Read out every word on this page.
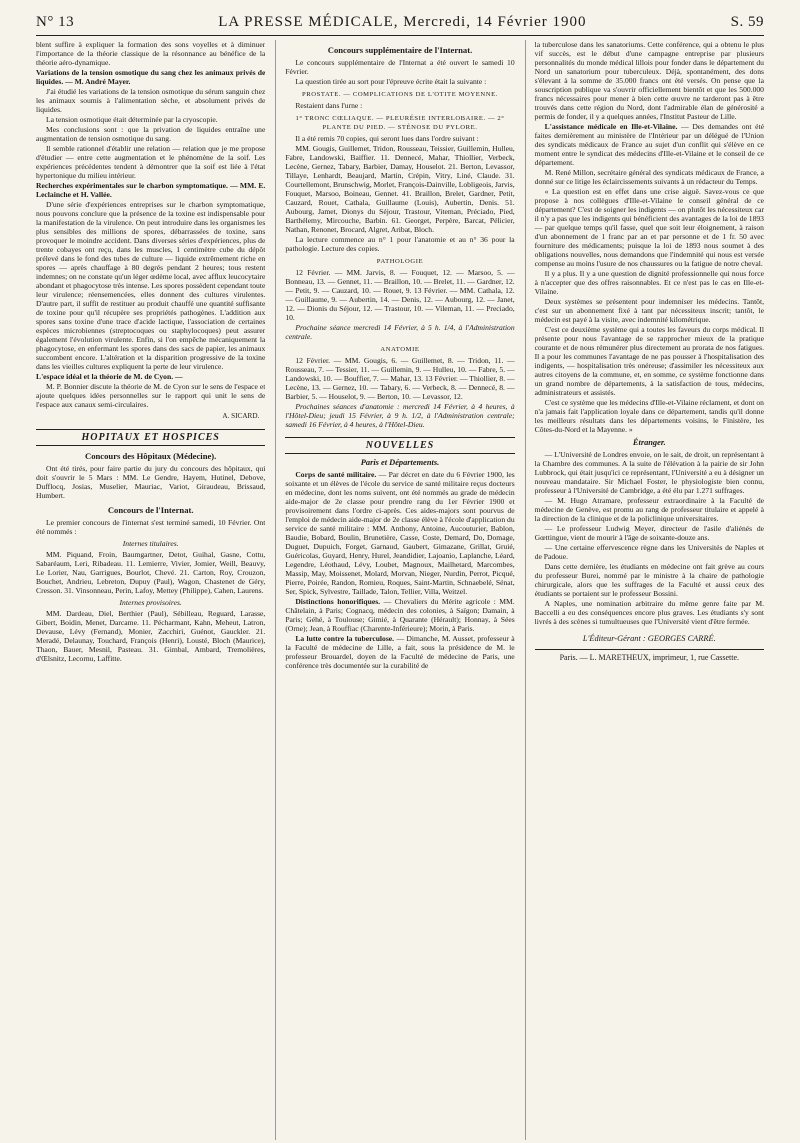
N° 13	LA PRESSE MÉDICALE, Mercredi, 14 Février 1900	S. 59

blent suffire à expliquer la formation des sons voyelles et à diminuer l'importance de la théorie classique de la résonnance au bénéfice de la théorie aéro-dynamique.

Variations de la tension osmotique du sang chez les animaux privés de liquides. — M. André Mayer.

J'ai étudié les variations de la tension osmotique du sérum sanguin chez les animaux soumis à l'alimentation sèche, et absolument privés de liquides.

La tension osmotique était déterminée par la cryoscopie.

Mes conclusions sont : que la privation de liquides entraîne une augmentation de tension osmotique du sang.

Il semble rationnel d'établir une relation — relation que je me propose d'étudier — entre cette augmentation et le phénomène de la soif. Les expériences précédentes tendent à démontrer que la soif est liée à l'état hypertonique du milieu intérieur.

Recherches expérimentales sur le charbon symptomatique. — MM. E. Leclainche et H. Vallée.

D'une série d'expériences entreprises sur le charbon symptomatique, nous pouvons conclure que la présence de la toxine est indispensable pour la manifestation de la virulence. On peut introduire dans les organismes les plus sensibles des millions de spores, débarrassées de toxine, sans provoquer le moindre accident. Dans diverses séries d'expériences, plus de trente cobayes ont reçu, dans les muscles, 1 centimètre cube du dépôt prélevé dans le fond des tubes de culture — liquide extrêmement riche en spores — après chauffage à 80 degrés pendant 2 heures; tous restent indemnes; on ne constate qu'un léger œdème local, avec afflux leucocytaire abondant et phagocytose très intense. Les spores possèdent cependant toute leur virulence; réensemencées, elles donnent des cultures virulentes. D'autre part, il suffit de restituer au produit chauffé une quantité suffisante de toxine pour qu'il récupère ses propriétés pathogènes. L'addition aux spores sans toxine d'une trace d'acide lactique, l'association de certaines espèces microbiennes (streptocoques ou staphylocoques) peut assurer également l'évolution virulente. Enfin, si l'on empêche mécaniquement la phagocytose, en enfermant les spores dans des sacs de papier, les animaux succombent encore. L'altération et la disparition progressive de la toxine dans les vieilles cultures expliquent la perte de leur virulence.

L'espace idéal et la théorie de M. de Cyon. —

M. P. Bonnier discute la théorie de M. de Cyon sur le sens de l'espace et ajoute quelques idées personnelles sur le rapport qui unit le sens de l'espace aux canaux semi-circulaires.

A. SICARD.
HOPITAUX ET HOSPICES
Concours des Hôpitaux (Médecine).

Ont été tirés, pour faire partie du jury du concours des hôpitaux, qui doit s'ouvrir le 5 Mars : MM. Le Gendre, Hayem, Hutinel, Debove, Dufflocq, Josias, Muselier, Mauriac, Variot, Giraudeau, Brissaud, Humbert.

Concours de l'Internat.

Le premier concours de l'internat s'est terminé samedi, 10 Février. Ont été nommés :

Internes titulaires.

MM. Piquand, Froin, Baumgartner, Detot, Guihal, Gasne, Cottu, Sabaréaum, Leri, Ribadeau. 11. Lemierre, Vivier, Jomier, Weill, Beauvy, Le Lorier, Nau, Garrigues, Bourlot, Chevé. 21. Carton, Roy, Crouzon, Bouchet, Andrieu, Lebreton, Dupuy (Paul), Wagon, Chastenet de Géry, Cresson. 31. Vinsonneau, Perin, Lafoy, Mettey (Philippe), Cahen, Laurens.

Internes provisoires.

MM. Dardeau, Diel, Berthier (Paul), Sébilleau, Reguard, Larasse, Gibert, Boidin, Menet, Darcame. 11. Pécharmant, Kahn, Meheut, Latron, Devause, Lévy (Fernand), Monier, Zacchiri, Guénot, Gauckler. 21. Meradé, Delaunay, Touchard, François (Henri), Lousté, Bloch (Maurice), Thaon, Bauer, Mesnil, Pasteau. 31. Gimbal, Ambard, Tremolières, d'Œlsnitz, Lecornu, Laffitte.

Concours supplémentaire de l'Internat.

Le concours supplémentaire de l'Internat a été ouvert le samedi 10 Février.

La question tirée au sort pour l'épreuve écrite était la suivante :

PROSTATE. — COMPLICATIONS DE L'OTITE MOYENNE.

Restaient dans l'urne :

1° TRONC CŒLIAQUE. — PLEURÉSIE INTERLOBAIRE. — 2° PLANTE DU PIED. — STÉNOSE DU PYLORE.

Il a été remis 70 copies, qui seront lues dans l'ordre suivant :

MM. Gougis, Guillemet, Tridon, Rousseau, Teissier, Guillemin, Hulleu, Fabre, Landowski, Baiffier. 11. Dennecé, Mahar, Thiollier, Verbeck, Lecène, Gernez, Tabary, Barbier, Damay, Houselot. 21. Berton, Levassor, Tillaye, Lenhardt, Beaujard, Martin, Crépin, Vitry, Liné, Claude. 31. Courtellemont, Brunschwig, Morlet, François-Dainville, Lobligeois, Jarvis, Fouquet, Marsoo, Boineau, Gennet. 41. Braillon, Brelet, Gardner, Petit, Cauzard, Rouet, Cathala, Guillaume (Louis), Aubertin, Denis. 51. Aubourg, Jamet, Dionys du Séjour, Trastour, Viteman, Préciado, Pied, Barthélemy, Mircouche, Barbin. 61. Georget, Perpère, Barcat, Pélicier, Nathan, Renonet, Brocard, Algret, Aribat, Bloch.

La lecture commence au n° 1 pour l'anatomie et au n° 36 pour la pathologie. Lecture des copies.

PATHOLOGIE

12 Février. — MM. Jarvis, 8. — Fouquet, 12. — Marsoo, 5. — Bonneau, 13. — Gennet, 11. — Braillon, 10. — Brelet, 11. — Gardner, 12. — Petit, 9. — Cauzard, 10. — Rouet, 9. 13 Février. — MM. Cathala, 12. — Guillaume, 9. — Aubertin, 14. — Denis, 12. — Aubourg, 12. — Janet, 12. — Dionis du Séjour, 12. — Trastour, 10. — Vileman, 11. — Preciado, 10.

Prochaine séance mercredi 14 Février, à 5 h. 1/4, à l'Administration centrale.

ANATOMIE

12 Février. — MM. Gougis, 6. — Guillemet, 8. — Tridon, 11. — Rousseau, 7. — Tessier, 11. — Guillemin, 9. — Hulleu, 10. — Fabre, 5. — Landowski, 10. — Bouffier, 7. — Mahar, 13. 13 Février. — Thiollier, 8. — Lecène, 13. — Gernez, 10. — Tabary, 6. — Verbeck, 8. — Dennecé, 8. — Barbier, 5. — Houselot, 9. — Berton, 10. — Levassor, 12.

Prochaines séances d'anatomie : mercredi 14 Février, à 4 heures, à l'Hôtel-Dieu; jeudi 15 Février, à 9 h. 1/2, à l'Administration centrale; samedi 16 Février, à 4 heures, à l'Hôtel-Dieu.

NOUVELLES
Paris et Départements.

Corps de santé militaire. — Par décret en date du 6 Février 1900, les soixante et un élèves de l'école du service de santé militaire reçus docteurs en médecine, dont les noms suivent, ont été nommés au grade de médecin aide-major de 2e classe pour prendre rang du 1er Février 1900 et provisoirement dans l'ordre ci-après. Ces aides-majors sont pourvus de l'emploi de médecin aide-major de 2e classe élève à l'école d'application du service de santé militaire : MM. Anthony, Antoine, Aucouturier, Bablon, Baudie, Bobard, Boulin, Brunetière, Casse, Coste, Demard, Do, Domage, Duguet, Dupuich, Forget, Garnaud, Gaubert, Gimazane, Grillat, Gruié, Guéricolas, Guyard, Henry, Hurel, Jeandidier, Lajoanio, Laplanche, Léard, Legendre, Léothaud, Lévy, Loubet, Magnoux, Mailhetard, Marcombes, Massip, May, Moissenet, Molard, Morvan, Nieger, Nurdin, Perrot, Picqué, Pierre, Poirée, Randon, Romieu, Roques, Saint-Martin, Schnaebelé, Sénat, Ser, Spick, Sylvestre, Taillade, Talon, Tellier, Villa, Weitzel.

Distinctions honorifiques. — Chevaliers du Mérite agricole : MM. Châtelain, à Paris; Cognacq, médecin des colonies, à Saïgon; Damain, à Paris; Géhé, à Toulouse; Gimié, à Quarante (Hérault); Honnay, à Sées (Orne); Jean, à Rouffiac (Charente-Inférieure); Morin, à Paris.

La lutte contre la tuberculose. — Dimanche, M. Ausset, professeur à la Faculté de médecine de Lille, a fait, sous la présidence de M. le professeur Brouardel, doyen de la Faculté de médecine de Paris, une conférence très documentée sur la curabilité de

la tuberculose dans les sanatoriums. Cette conférence, qui a obtenu le plus vif succès, est le début d'une campagne entreprise par plusieurs personnalités du monde médical lillois pour fonder dans le département du Nord un sanatorium pour tuberculeux. Déjà, spontanément, des dons s'élevant à la somme de 35.000 francs ont été versés. On pense que la souscription publique va s'ouvrir officiellement bientôt et que les 500.000 francs nécessaires pour mener à bien cette œuvre ne tarderont pas à être trouvés dans cette région du Nord, dont l'admirable élan de générosité a permis de fonder, il y a quelques années, l'Institut Pasteur de Lille.

L'assistance médicale en Ille-et-Vilaine. — Des demandes ont été faites dernièrement au ministère de l'Intérieur par un délégué de l'Union des syndicats médicaux de France au sujet d'un conflit qui s'élève en ce moment entre le syndicat des médecins d'Ille-et-Vilaine et le conseil de ce département.

M. René Millon, secrétaire général des syndicats médicaux de France, a donné sur ce litige les éclaircissements suivants à un rédacteur du Temps.

« La question est en effet dans une crise aiguë. Savez-vous ce que propose à nos collègues d'Ille-et-Vilaine le conseil général de ce département? C'est de soigner les indigents — on plutôt les nécessiteux car il n'y a pas que les indigents qui bénéficient des avantages de la loi de 1893 — par quelque temps qu'il fasse, quel que soit leur éloignement, à raison d'un abonnement de 1 franc par an et par personne et de 1 fr. 50 avec fourniture des médicaments; puisque la loi de 1893 nous soumet à des obligations nouvelles, nous demandons que l'indemnité qui nous est versée compense au moins l'usure de nos chaussures ou la fatigue de notre cheval.

Il y a plus. Il y a une question de dignité professionnelle qui nous force à n'accepter que des offres raisonnables. Et ce n'est pas le cas en Ille-et-Vilaine.

Deux systèmes se présentent pour indemniser les médecins. Tantôt, c'est sur un abonnement fixé à tant par nécessiteux inscrit; tantôt, le médecin est payé à la visite, avec indemnité kilométrique.

C'est ce deuxième système qui a toutes les faveurs du corps médical. Il présente pour nous l'avantage de se rapprocher mieux de la pratique courante et de nous rémunérer plus directement au prorata de nos fatigues. Il a pour les communes l'avantage de ne pas pousser à l'hospitalisation des indigents, — hospitalisation très onéreuse; d'assimiler les nécessiteux aux autres citoyens de la commune, et, en somme, ce système fonctionne dans un grand nombre de départements, à la satisfaction de tous, médecins, administrateurs et assistés.

C'est ce système que les médecins d'Ille-et-Vilaine réclament, et dont on n'a jamais fait l'application loyale dans ce département, tandis qu'il donne les meilleurs résultats dans les départements voisins, le Finistère, les Côtes-du-Nord et la Mayenne. »

Étranger.

— L'Université de Londres envoie, on le sait, de droit, un représentant à la Chambre des communes. A la suite de l'élévation à la pairie de sir John Lubbrock, qui était jusqu'ici ce représentant, l'Université a eu à désigner un nouveau mandataire. Sir Michael Foster, le physiologiste bien connu, professeur à l'Université de Cambridge, a été élu par 1.271 suffrages.

— M. Hugo Atramare, professeur extraordinaire à la Faculté de médecine de Genève, est promu au rang de professeur titulaire et appelé à la direction de la clinique et de la policlinique universitaires.

— Le professeur Ludwig Meyer, directeur de l'asile d'aliénés de Gœttingue, vient de mourir à l'âge de soixante-douze ans.

— Une certaine effervescence règne dans les Universités de Naples et de Padoue.

Dans cette dernière, les étudiants en médecine ont fait grève au cours du professeur Burei, nommé par le ministre à la chaire de pathologie chirurgicale, alors que les suffrages de la Faculté et aussi ceux des étudiants se portaient sur le professeur Bossini.

A Naples, une nomination arbitraire du même genre faite par M. Baccelli a eu des conséquences encore plus graves. Les étudiants s'y sont livrés à des scènes si tumultueuses que l'Université vient d'être fermée.

L'Éditeur-Gérant : GEORGES CARRÉ.
Paris. — L. MARETHEUX, imprimeur, 1, rue Cassette.
